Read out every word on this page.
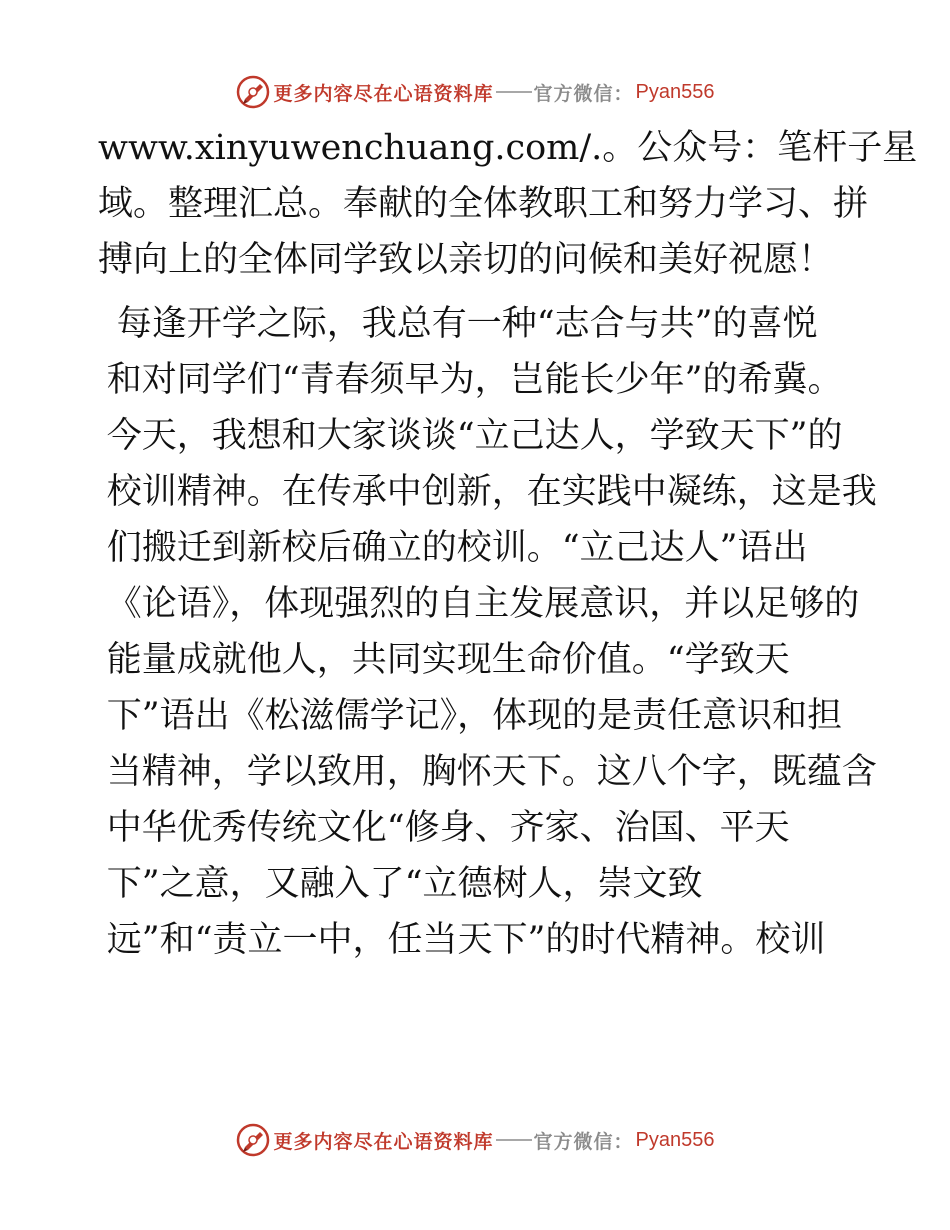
更多内容尽在心语资料库 官方微信： Pyan556

www.xinyuwenchuang.com/.。公众号：笔杆子星
域。整理汇总。奉献的全体教职工和努力学习、拼
搏向上的全体同学致以亲切的问候和美好祝愿！

每逢开学之际，我总有一种“志合与共”的喜悦
和对同学们“青春须早为，岂能长少年”的希冀。
今天，我想和大家谈谈“立己达人，学致天下”的
校训精神。在传承中创新，在实践中凝练，这是我
们搬迁到新校后确立的校训。“立己达人”语出
《论语》，体现强烈的自主发展意识，并以足够的
能量成就他人，共同实现生命价值。“学致天
下”语出《松滋儒学记》，体现的是责任意识和担
当精神，学以致用，胸怀天下。这八个字，既蕴含
中华优秀传统文化“修身、齐家、治国、平天
下”之意，又融入了“立德树人，崇文致
远”和“责立一中，任当天下”的时代精神。校训

更多内容尽在心语资料库 官方微信： Pyan556
